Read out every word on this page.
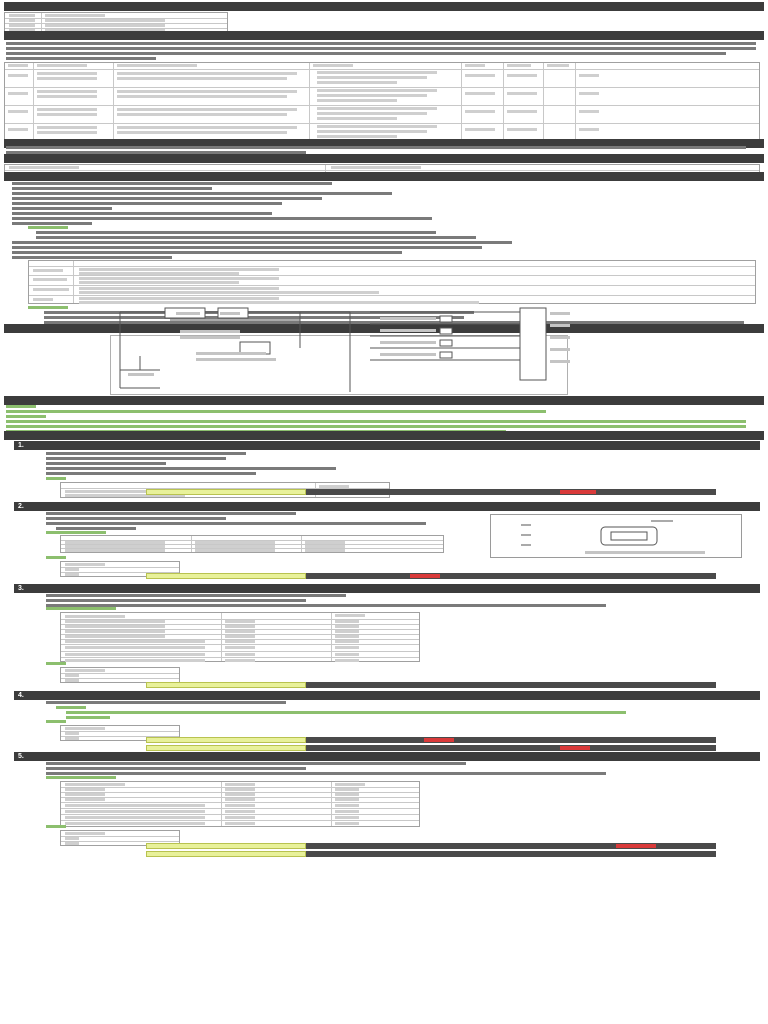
1.
2.
3.
4.
5.
